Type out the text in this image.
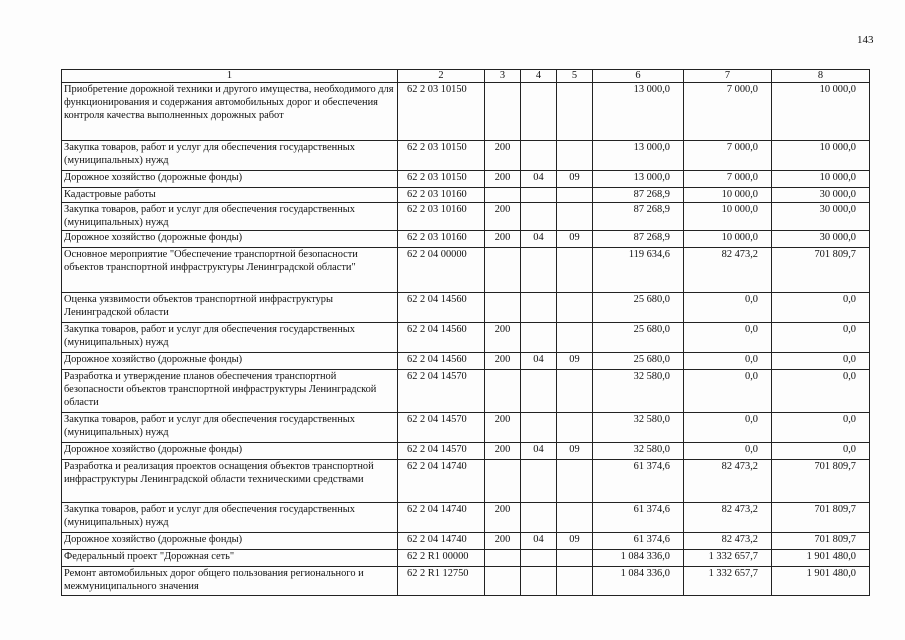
143
1	2	3	4	5	6	7	8
Приобретение дорожной техники и другого имущества, необходимого для функционирования и содержания автомобильных дорог и обеспечения контроля качества выполненных дорожных работ	62 2 03 10150				13 000,0	7 000,0	10 000,0
Закупка товаров, работ и услуг для обеспечения государственных (муниципальных) нужд	62 2 03 10150	200			13 000,0	7 000,0	10 000,0
Дорожное хозяйство (дорожные фонды)	62 2 03 10150	200	04	09	13 000,0	7 000,0	10 000,0
Кадастровые работы	62 2 03 10160				87 268,9	10 000,0	30 000,0
Закупка товаров, работ и услуг для обеспечения государственных (муниципальных) нужд	62 2 03 10160	200			87 268,9	10 000,0	30 000,0
Дорожное хозяйство (дорожные фонды)	62 2 03 10160	200	04	09	87 268,9	10 000,0	30 000,0
Основное мероприятие "Обеспечение транспортной безопасности объектов транспортной инфраструктуры Ленинградской области"	62 2 04 00000				119 634,6	82 473,2	701 809,7
Оценка уязвимости объектов транспортной инфраструктуры Ленинградской области	62 2 04 14560				25 680,0	0,0	0,0
Закупка товаров, работ и услуг для обеспечения государственных (муниципальных) нужд	62 2 04 14560	200			25 680,0	0,0	0,0
Дорожное хозяйство (дорожные фонды)	62 2 04 14560	200	04	09	25 680,0	0,0	0,0
Разработка и утверждение планов обеспечения транспортной безопасности объектов транспортной инфраструктуры Ленинградской области	62 2 04 14570				32 580,0	0,0	0,0
Закупка товаров, работ и услуг для обеспечения государственных (муниципальных) нужд	62 2 04 14570	200			32 580,0	0,0	0,0
Дорожное хозяйство (дорожные фонды)	62 2 04 14570	200	04	09	32 580,0	0,0	0,0
Разработка и реализация проектов оснащения объектов транспортной инфраструктуры Ленинградской области техническими средствами	62 2 04 14740				61 374,6	82 473,2	701 809,7
Закупка товаров, работ и услуг для обеспечения государственных (муниципальных) нужд	62 2 04 14740	200			61 374,6	82 473,2	701 809,7
Дорожное хозяйство (дорожные фонды)	62 2 04 14740	200	04	09	61 374,6	82 473,2	701 809,7
Федеральный проект "Дорожная сеть"	62 2 R1 00000				1 084 336,0	1 332 657,7	1 901 480,0
Ремонт автомобильных дорог общего пользования регионального и межмуниципального значения	62 2 R1 12750				1 084 336,0	1 332 657,7	1 901 480,0
